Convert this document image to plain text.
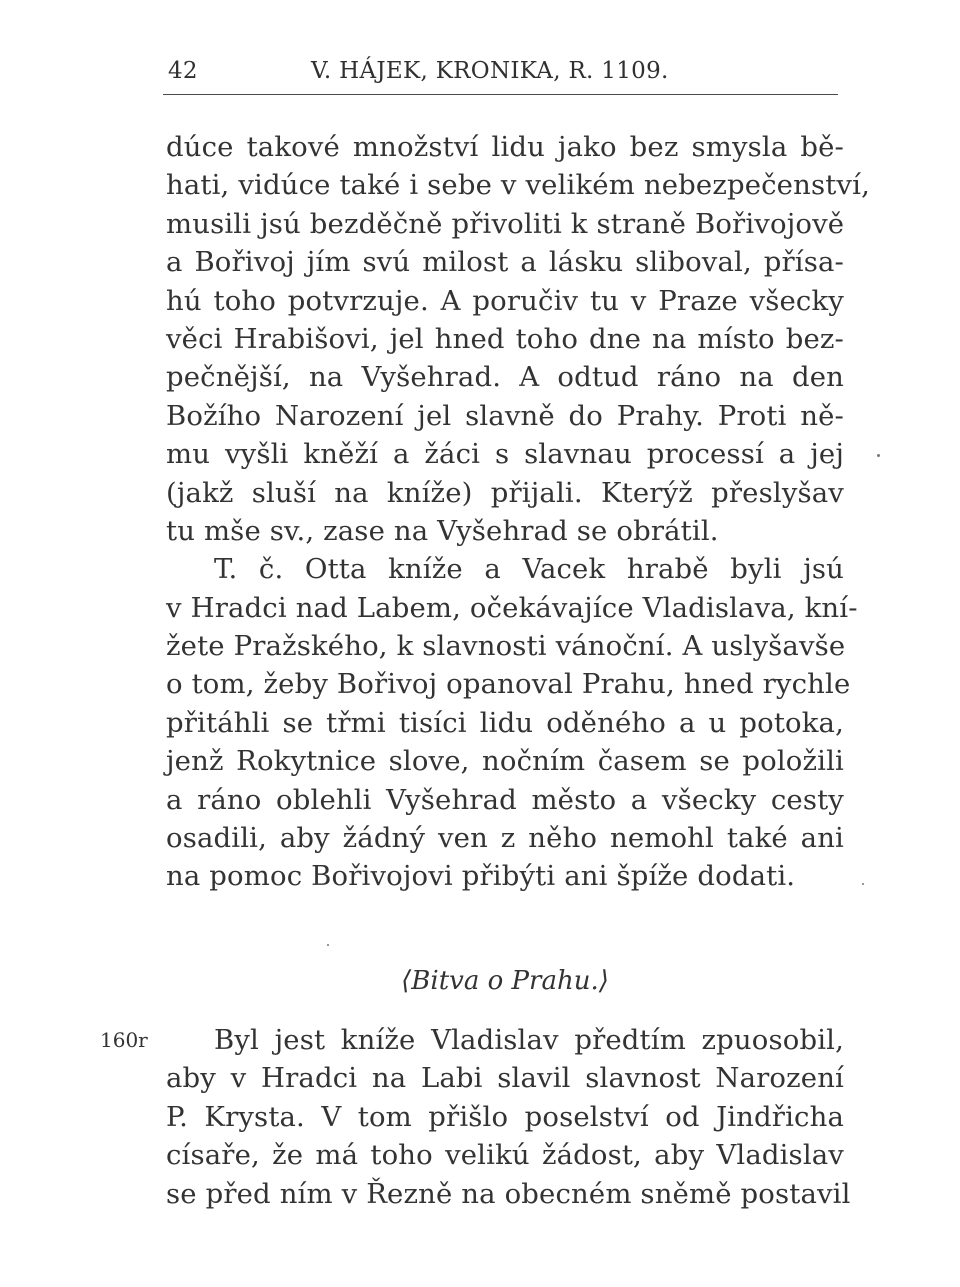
42	V. HÁJEK, KRONIKA, R. 1109.
dúce takové množství lidu jako bez smysla bě-
hati, vidúce také i sebe v velikém nebezpečenství,
musili jsú bezděčně přivoliti k straně Bořivojově
a Bořivoj jím svú milost a lásku sliboval, přísa-
hú toho potvrzuje. A poručiv tu v Praze všecky
věci Hrabišovi, jel hned toho dne na místo bez-
pečnější, na Vyšehrad. A odtud ráno na den
Božího Narození jel slavně do Prahy. Proti ně-
mu vyšli kněží a žáci s slavnau processí a jej
(jakž sluší na kníže) přijali. Kterýž přeslyšav
tu mše sv., zase na Vyšehrad se obrátil.
T. č. Otta kníže a Vacek hrabě byli jsú
v Hradci nad Labem, očekávajíce Vladislava, kní-
žete Pražského, k slavnosti vánoční. A uslyšavše
o tom, žeby Bořivoj opanoval Prahu, hned rychle
přitáhli se třmi tisíci lidu oděného a u potoka,
jenž Rokytnice slove, nočním časem se položili
a ráno oblehli Vyšehrad město a všecky cesty
osadili, aby žádný ven z něho nemohl také ani
na pomoc Bořivojovi přibýti ani špíže dodati.
⟨Bitva o Prahu.⟩
160r	Byl jest kníže Vladislav předtím zpuosobil,
aby v Hradci na Labi slavil slavnost Narození
P. Krysta. V tom přišlo poselství od Jindřicha
císaře, že má toho velikú žádost, aby Vladislav
se před ním v Řezně na obecném sněmě postavil
